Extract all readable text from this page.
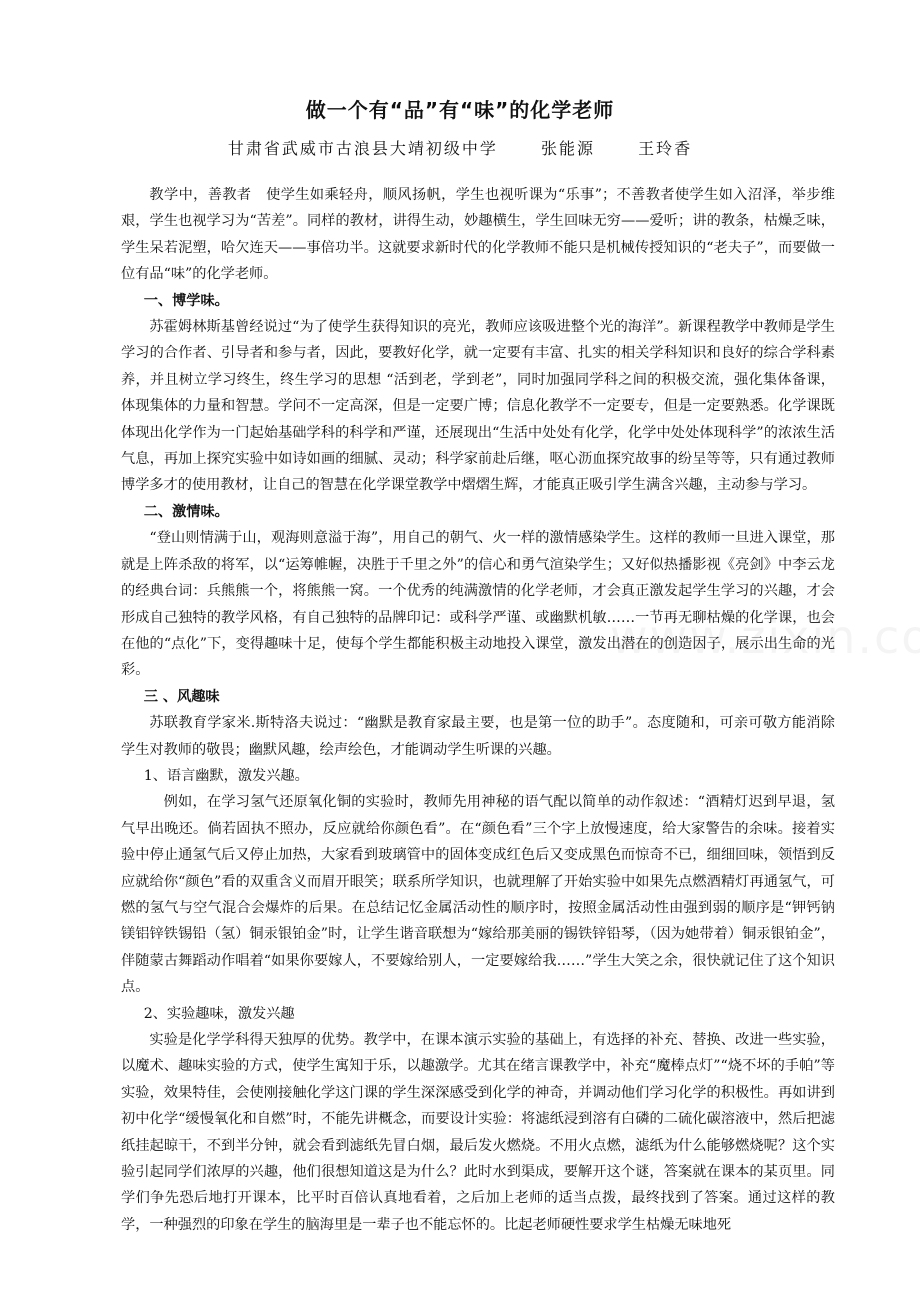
做一个有“品”有“味”的化学老师
甘肃省武威市古浪县大靖初级中学	张能源	王玲香

教学中，善教者　使学生如乘轻舟，顺风扬帆，学生也视听课为“乐事”；不善教者使学生如入沼泽，举步维艰，学生也视学习为“苦差”。同样的教材，讲得生动，妙趣横生，学生回味无穷——爱听；讲的教条，枯燥乏味，学生呆若泥塑，哈欠连天——事倍功半。这就要求新时代的化学教师不能只是机械传授知识的“老夫子”，而要做一位有品“味”的化学老师。

一、博学味。

苏霍姆林斯基曾经说过“为了使学生获得知识的亮光，教师应该吸进整个光的海洋”。新课程教学中教师是学生学习的合作者、引导者和参与者，因此，要教好化学，就一定要有丰富、扎实的相关学科知识和良好的综合学科素养，并且树立学习终生，终生学习的思想 “活到老，学到老”，同时加强同学科之间的积极交流，强化集体备课，体现集体的力量和智慧。学问不一定高深，但是一定要广博；信息化教学不一定要专，但是一定要熟悉。化学课既体现出化学作为一门起始基础学科的科学和严谨，还展现出“生活中处处有化学，化学中处处体现科学”的浓浓生活气息，再加上探究实验中如诗如画的细腻、灵动；科学家前赴后继，呕心沥血探究故事的纷呈等等，只有通过教师博学多才的使用教材，让自己的智慧在化学课堂教学中熠熠生辉，才能真正吸引学生满含兴趣，主动参与学习。

二、激情味。

“登山则情满于山，观海则意溢于海”，用自己的朝气、火一样的激情感染学生。这样的教师一旦进入课堂，那就是上阵杀敌的将军，以“运筹帷幄，决胜于千里之外”的信心和勇气渲染学生；又好似热播影视《亮剑》中李云龙的经典台词：兵熊熊一个，将熊熊一窝。一个优秀的纯满激情的化学老师，才会真正激发起学生学习的兴趣，才会形成自己独特的教学风格，有自己独特的品牌印记：或科学严谨、或幽默机敏……一节再无聊枯燥的化学课，也会在他的“点化”下，变得趣味十足，使每个学生都能积极主动地投入课堂，激发出潜在的创造因子，展示出生命的光彩。

三 、风趣味

苏联教育学家米.斯特洛夫说过：“幽默是教育家最主要，也是第一位的助手”。态度随和，可亲可敬方能消除学生对教师的敬畏；幽默风趣，绘声绘色，才能调动学生听课的兴趣。

1、语言幽默，激发兴趣。

例如，在学习氢气还原氧化铜的实验时，教师先用神秘的语气配以简单的动作叙述：“酒精灯迟到早退，氢气早出晚还。倘若固执不照办，反应就给你颜色看”。在“颜色看”三个字上放慢速度，给大家警告的余味。接着实验中停止通氢气后又停止加热，大家看到玻璃管中的固体变成红色后又变成黑色而惊奇不已，细细回味，领悟到反应就给你“颜色”看的双重含义而眉开眼笑；联系所学知识，也就理解了开始实验中如果先点燃酒精灯再通氢气，可燃的氢气与空气混合会爆炸的后果。在总结记忆金属活动性的顺序时，按照金属活动性由强到弱的顺序是“钾钙钠镁铝锌铁锡铅（氢）铜汞银铂金”时，让学生谐音联想为“嫁给那美丽的锡铁锌铅琴，（因为她带着）铜汞银铂金”，伴随蒙古舞蹈动作唱着“如果你要嫁人，不要嫁给别人，一定要嫁给我……”学生大笑之余，很快就记住了这个知识点。

2、实验趣味，激发兴趣

实验是化学学科得天独厚的优势。教学中，在课本演示实验的基础上，有选择的补充、替换、改进一些实验，以魔术、趣味实验的方式，使学生寓知于乐，以趣激学。尤其在绪言课教学中，补充“魔棒点灯”“烧不坏的手帕”等实验，效果特佳，会使刚接触化学这门课的学生深深感受到化学的神奇，并调动他们学习化学的积极性。再如讲到初中化学“缓慢氧化和自燃”时，不能先讲概念，而要设计实验：将滤纸浸到溶有白磷的二硫化碳溶液中，然后把滤纸挂起晾干，不到半分钟，就会看到滤纸先冒白烟，最后发火燃烧。不用火点燃，滤纸为什么能够燃烧呢？这个实验引起同学们浓厚的兴趣，他们很想知道这是为什么？此时水到渠成，要解开这个谜，答案就在课本的某页里。同学们争先恐后地打开课本，比平时百倍认真地看着，之后加上老师的适当点拨，最终找到了答案。通过这样的教学，一种强烈的印象在学生的脑海里是一辈子也不能忘怀的。比起老师硬性要求学生枯燥无味地死
